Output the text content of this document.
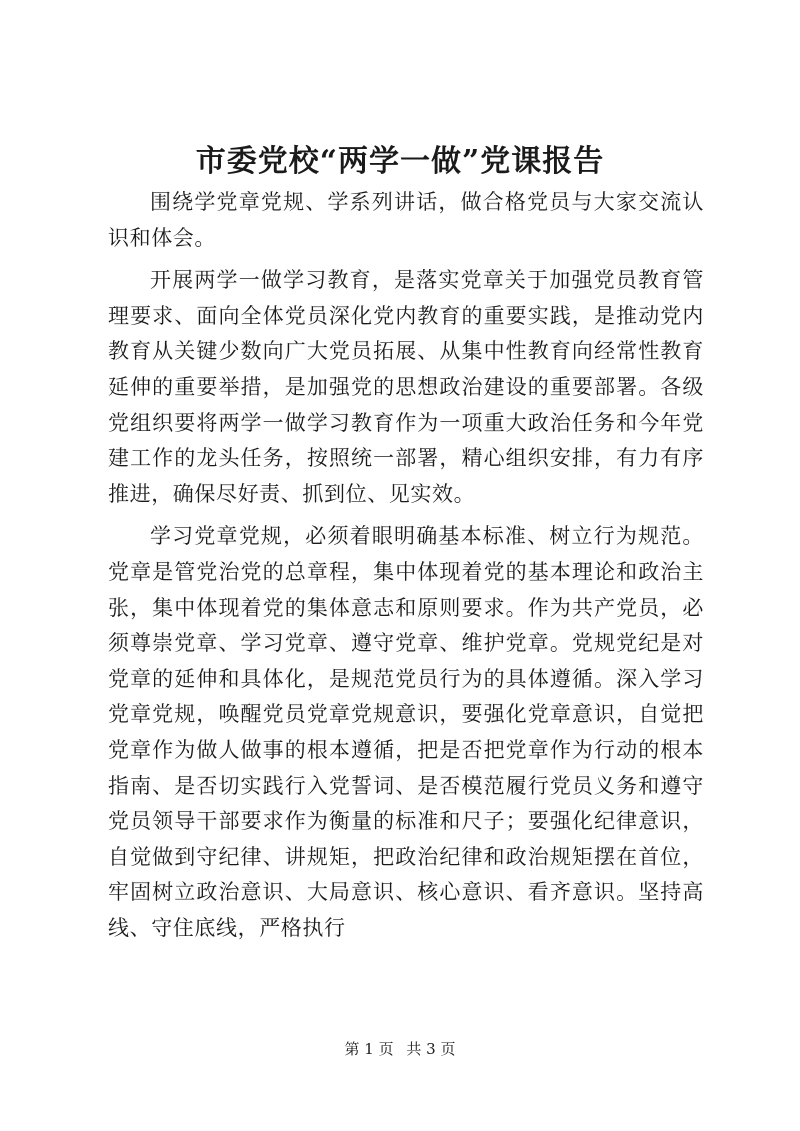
市委党校“两学一做”党课报告

围绕学党章党规、学系列讲话，做合格党员与大家交流认识和体会。

开展两学一做学习教育，是落实党章关于加强党员教育管理要求、面向全体党员深化党内教育的重要实践，是推动党内教育从关键少数向广大党员拓展、从集中性教育向经常性教育延伸的重要举措，是加强党的思想政治建设的重要部署。各级党组织要将两学一做学习教育作为一项重大政治任务和今年党建工作的龙头任务，按照统一部署，精心组织安排，有力有序推进，确保尽好责、抓到位、见实效。

学习党章党规，必须着眼明确基本标准、树立行为规范。党章是管党治党的总章程，集中体现着党的基本理论和政治主张，集中体现着党的集体意志和原则要求。作为共产党员，必须尊崇党章、学习党章、遵守党章、维护党章。党规党纪是对党章的延伸和具体化，是规范党员行为的具体遵循。深入学习党章党规，唤醒党员党章党规意识，要强化党章意识，自觉把党章作为做人做事的根本遵循，把是否把党章作为行动的根本指南、是否切实践行入党誓词、是否模范履行党员义务和遵守党员领导干部要求作为衡量的标准和尺子；要强化纪律意识，自觉做到守纪律、讲规矩，把政治纪律和政治规矩摆在首位，牢固树立政治意识、大局意识、核心意识、看齐意识。坚持高线、守住底线，严格执行

第 1 页 共 3 页
